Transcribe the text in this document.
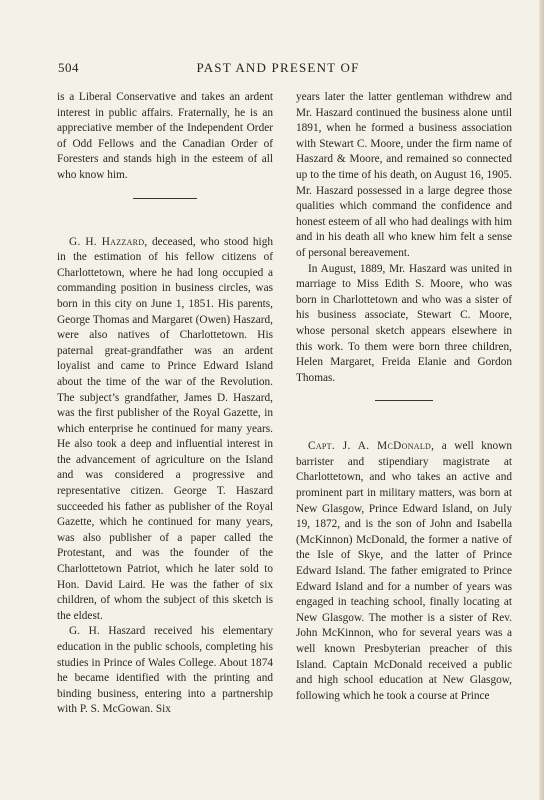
504	PAST AND PRESENT OF

is a Liberal Conservative and takes an ardent interest in public affairs. Fraternally, he is an appreciative member of the Independent Order of Odd Fellows and the Canadian Order of Foresters and stands high in the esteem of all who know him.

G. H. Hazzard, deceased, who stood high in the estimation of his fellow citizens of Charlottetown, where he had long occupied a commanding position in business circles, was born in this city on June 1, 1851. His parents, George Thomas and Margaret (Owen) Haszard, were also natives of Charlottetown. His paternal great-grandfather was an ardent loyalist and came to Prince Edward Island about the time of the war of the Revolution. The subject’s grandfather, James D. Haszard, was the first publisher of the Royal Gazette, in which enterprise he continued for many years. He also took a deep and influential interest in the advancement of agriculture on the Island and was considered a progressive and representative citizen. George T. Haszard succeeded his father as publisher of the Royal Gazette, which he continued for many years, was also publisher of a paper called the Protestant, and was the founder of the Charlottetown Patriot, which he later sold to Hon. David Laird. He was the father of six children, of whom the subject of this sketch is the eldest.

G. H. Haszard received his elementary education in the public schools, completing his studies in Prince of Wales College. About 1874 he became identified with the printing and binding business, entering into a partnership with P. S. McGowan. Six

years later the latter gentleman withdrew and Mr. Haszard continued the business alone until 1891, when he formed a business association with Stewart C. Moore, under the firm name of Haszard & Moore, and remained so connected up to the time of his death, on August 16, 1905. Mr. Haszard possessed in a large degree those qualities which command the confidence and honest esteem of all who had dealings with him and in his death all who knew him felt a sense of personal bereavement.

In August, 1889, Mr. Haszard was united in marriage to Miss Edith S. Moore, who was born in Charlottetown and who was a sister of his business associate, Stewart C. Moore, whose personal sketch appears elsewhere in this work. To them were born three children, Helen Margaret, Freida Elanie and Gordon Thomas.

Capt. J. A. McDonald, a well known barrister and stipendiary magistrate at Charlottetown, and who takes an active and prominent part in military matters, was born at New Glasgow, Prince Edward Island, on July 19, 1872, and is the son of John and Isabella (McKinnon) McDonald, the former a native of the Isle of Skye, and the latter of Prince Edward Island. The father emigrated to Prince Edward Island and for a number of years was engaged in teaching school, finally locating at New Glasgow. The mother is a sister of Rev. John McKinnon, who for several years was a well known Presbyterian preacher of this Island. Captain McDonald received a public and high school education at New Glasgow, following which he took a course at Prince
